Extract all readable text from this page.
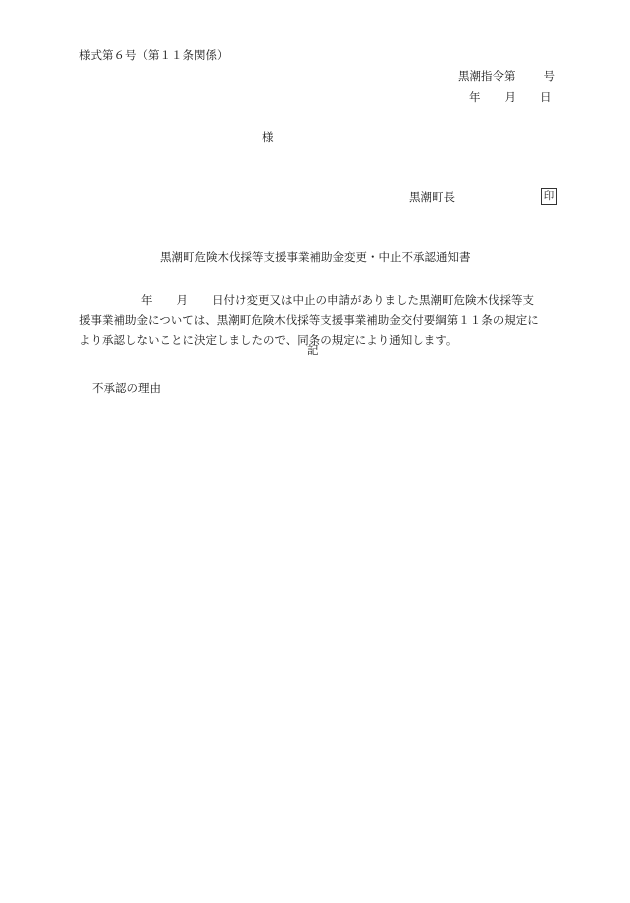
様式第６号（第１１条関係）
黒潮指令第 号
年 月 日
様
黒潮町長	印
黒潮町危険木伐採等支援事業補助金変更・中止不承認通知書
年 月 日付け変更又は中止の申請がありました黒潮町危険木伐採等支
援事業補助金については、黒潮町危険木伐採等支援事業補助金交付要綱第１１条の規定に
より承認しないことに決定しましたので、同条の規定により通知します。
記
不承認の理由
